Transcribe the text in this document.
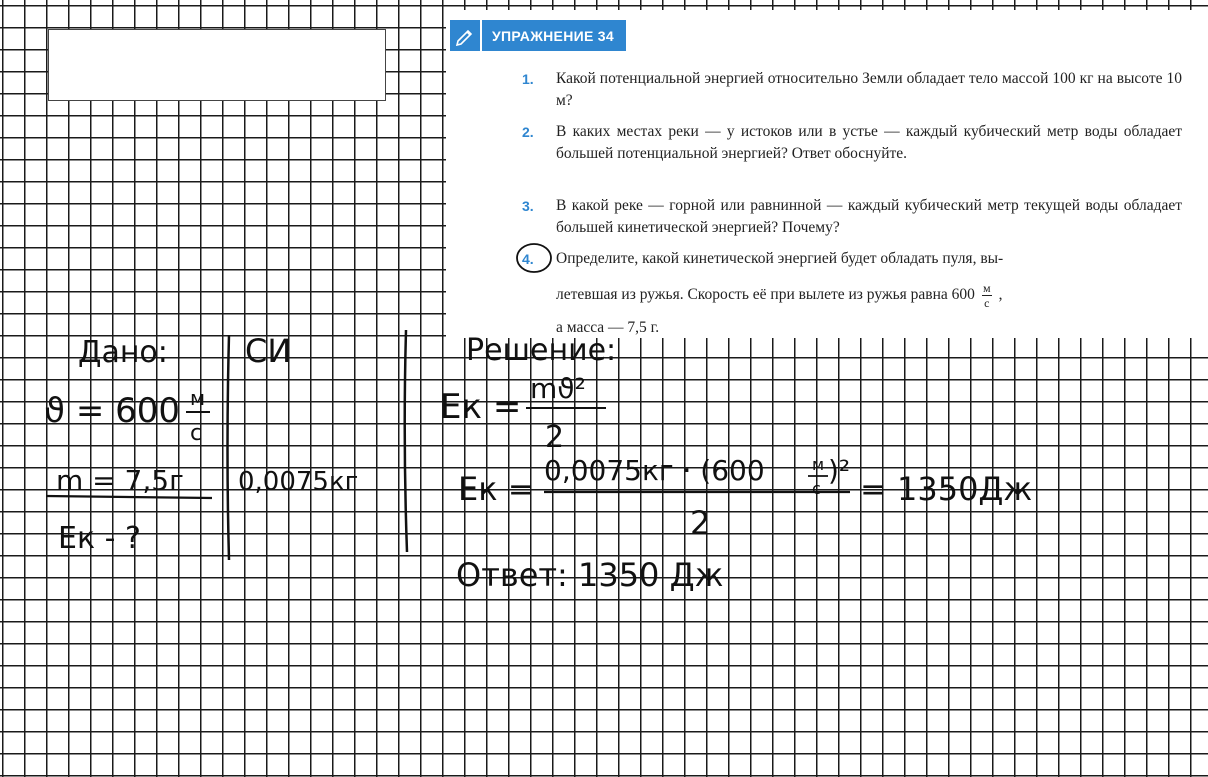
УПРАЖНЕНИЕ 34
1.	Какой потенциальной энергией относительно Земли обладает тело массой 100 кг на высоте 10 м?
2.	В каких местах реки — у истоков или в устье — каждый кубический метр воды обладает большей потенциальной энергией? Ответ обоснуйте.
3.	В какой реке — горной или равнинной — каждый кубический метр текущей воды обладает большей кинетической энергией? Почему?
4.	Определите, какой кинетической энергией будет обладать пуля, вы-
летевшая из ружья. Скорость её при вылете из ружья равна $600 \frac{м}{с}$ ,
а масса — 7,5 г.
Дано: СИ	Решение:
ϑ = 600 м
с
m = 7,5г 0,0075кг
Eк - ?
Eк = mϑ²
2
Eк = 0,0075кг · (600	м
с
)²
2
= 1350Дж
Ответ: 1350 Дж
